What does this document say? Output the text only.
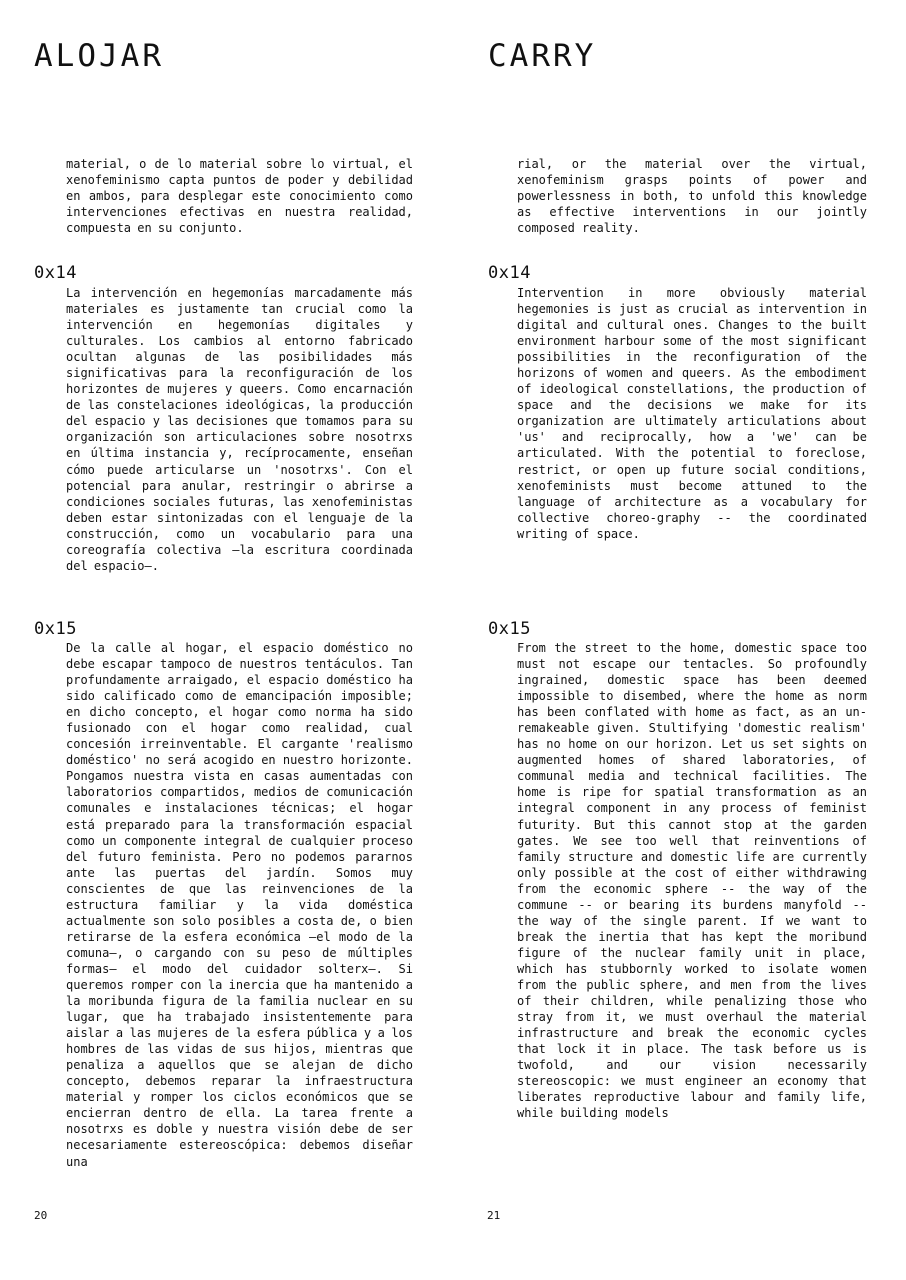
ALOJAR

material, o de lo material sobre lo virtual, el xenofeminismo capta puntos de poder y debilidad en ambos, para desplegar este conocimiento como intervenciones efectivas en nuestra realidad, compuesta en su conjunto.

0x14

La intervención en hegemonías marcadamente más materiales es justamente tan crucial como la intervención en hegemonías digitales y culturales. Los cambios al entorno fabricado ocultan algunas de las posibilidades más significativas para la reconfiguración de los horizontes de mujeres y queers. Como encarnación de las constelaciones ideológicas, la producción del espacio y las decisiones que tomamos para su organización son articulaciones sobre nosotrxs en última instancia y, recíprocamente, enseñan cómo puede articularse un 'nosotrxs'. Con el potencial para anular, restringir o abrirse a condiciones sociales futuras, las xenofeministas deben estar sintonizadas con el lenguaje de la construcción, como un vocabulario para una coreografía colectiva —la escritura coordinada del espacio—.

0x15

De la calle al hogar, el espacio doméstico no debe escapar tampoco de nuestros tentáculos. Tan profundamente arraigado, el espacio doméstico ha sido calificado como de emancipación imposible; en dicho concepto, el hogar como norma ha sido fusionado con el hogar como realidad, cual concesión irreinventable. El cargante 'realismo doméstico' no será acogido en nuestro horizonte. Pongamos nuestra vista en casas aumentadas con laboratorios compartidos, medios de comunicación comunales e instalaciones técnicas; el hogar está preparado para la transformación espacial como un componente integral de cualquier proceso del futuro feminista. Pero no podemos pararnos ante las puertas del jardín. Somos muy conscientes de que las reinvenciones de la estructura familiar y la vida doméstica actualmente son solo posibles a costa de, o bien retirarse de la esfera económica —el modo de la comuna—, o cargando con su peso de múltiples formas— el modo del cuidador solterx—. Si queremos romper con la inercia que ha mantenido a la moribunda figura de la familia nuclear en su lugar, que ha trabajado insistentemente para aislar a las mujeres de la esfera pública y a los hombres de las vidas de sus hijos, mientras que penaliza a aquellos que se alejan de dicho concepto, debemos reparar la infraestructura material y romper los ciclos económicos que se encierran dentro de ella. La tarea frente a nosotrxs es doble y nuestra visión debe de ser necesariamente estereoscópica: debemos diseñar una

20
CARRY

rial, or the material over the virtual, xenofeminism grasps points of power and powerlessness in both, to unfold this knowledge as effective interventions in our jointly composed reality.

0x14

Intervention in more obviously material hegemonies is just as crucial as intervention in digital and cultural ones. Changes to the built environment harbour some of the most significant possibilities in the reconfiguration of the horizons of women and queers. As the embodiment of ideological constellations, the production of space and the decisions we make for its organization are ultimately articulations about 'us' and reciprocally, how a 'we' can be articulated. With the potential to foreclose, restrict, or open up future social conditions, xenofeminists must become attuned to the language of architecture as a vocabulary for collective choreo-graphy -- the coordinated writing of space.

0x15

From the street to the home, domestic space too must not escape our tentacles. So profoundly ingrained, domestic space has been deemed impossible to disembed, where the home as norm has been conflated with home as fact, as an un-remakeable given. Stultifying 'domestic realism' has no home on our horizon. Let us set sights on augmented homes of shared laboratories, of communal media and technical facilities. The home is ripe for spatial transformation as an integral component in any process of feminist futurity. But this cannot stop at the garden gates. We see too well that reinventions of family structure and domestic life are currently only possible at the cost of either withdrawing from the economic sphere -- the way of the commune -- or bearing its burdens manyfold -- the way of the single parent. If we want to break the inertia that has kept the moribund figure of the nuclear family unit in place, which has stubbornly worked to isolate women from the public sphere, and men from the lives of their children, while penalizing those who stray from it, we must overhaul the material infrastructure and break the economic cycles that lock it in place. The task before us is twofold, and our vision necessarily stereoscopic: we must engineer an economy that liberates reproductive labour and family life, while building models

21
